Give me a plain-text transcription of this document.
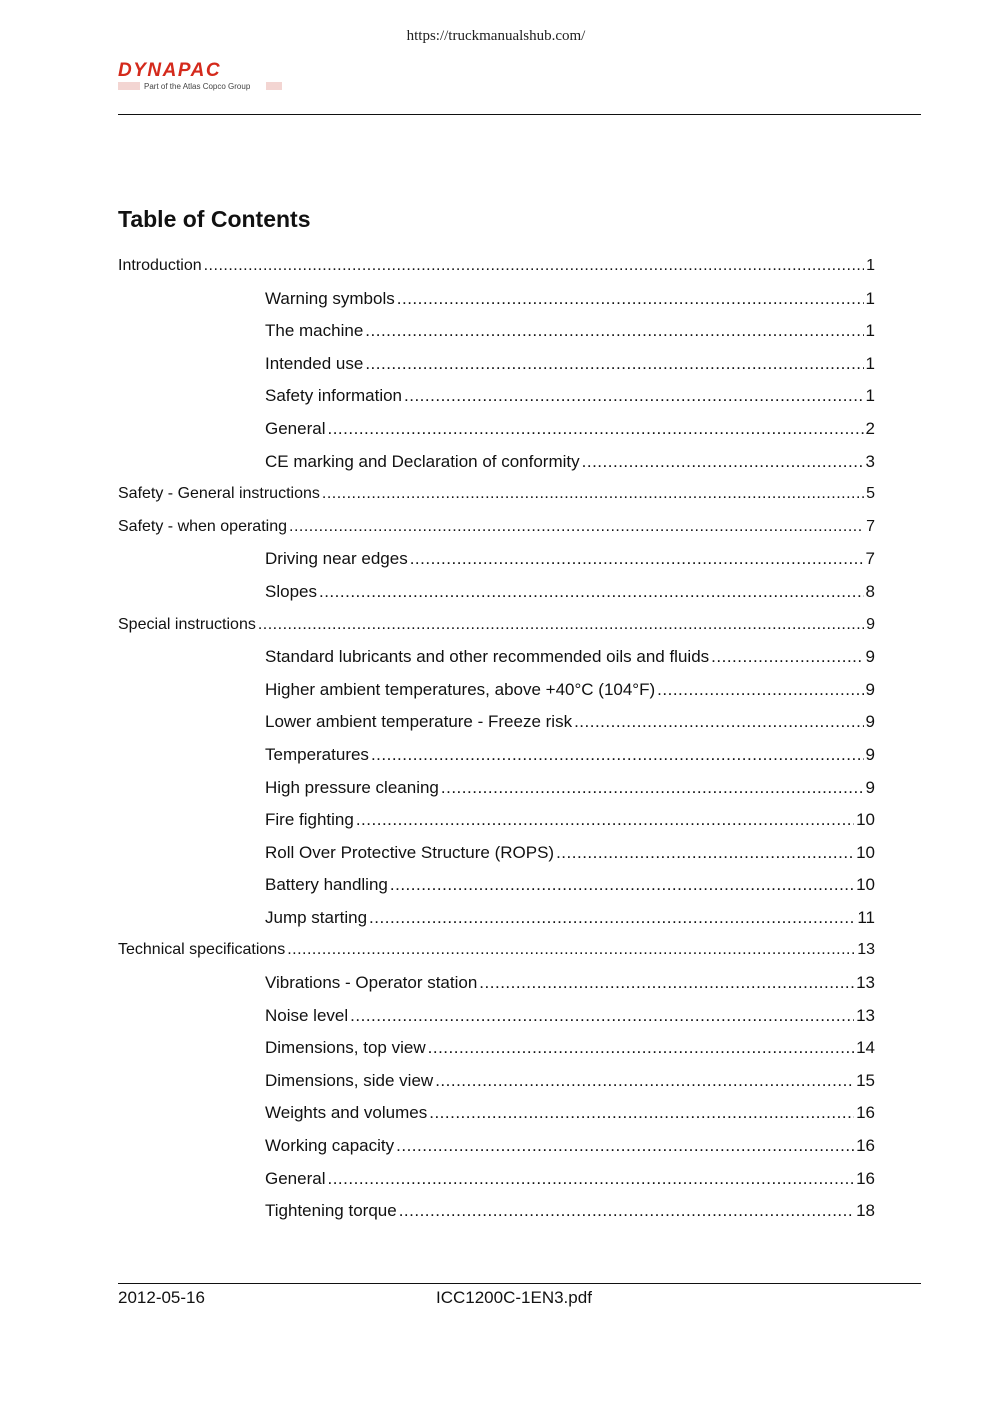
https://truckmanualshub.com/
DYNAPAC
Part of the Atlas Copco Group
Table of Contents
Introduction .....	1
Warning symbols .....	1
The machine .....	1
Intended use .....	1
Safety information .....	1
General .....	2
CE marking and Declaration of conformity .....	3
Safety - General instructions .....	5
Safety - when operating .....	7
Driving near edges .....	7
Slopes .....	8
Special instructions .....	9
Standard lubricants and other recommended oils and fluids .....	9
Higher ambient temperatures, above +40°C (104°F) .....	9
Lower ambient temperature - Freeze risk .....	9
Temperatures .....	9
High pressure cleaning .....	9
Fire fighting .....	10
Roll Over Protective Structure (ROPS) .....	10
Battery handling .....	10
Jump starting .....	11
Technical specifications .....	13
Vibrations - Operator station .....	13
Noise level .....	13
Dimensions, top view .....	14
Dimensions, side view .....	15
Weights and volumes .....	16
Working capacity .....	16
General .....	16
Tightening torque .....	18
2012-05-16	ICC1200C-1EN3.pdf
